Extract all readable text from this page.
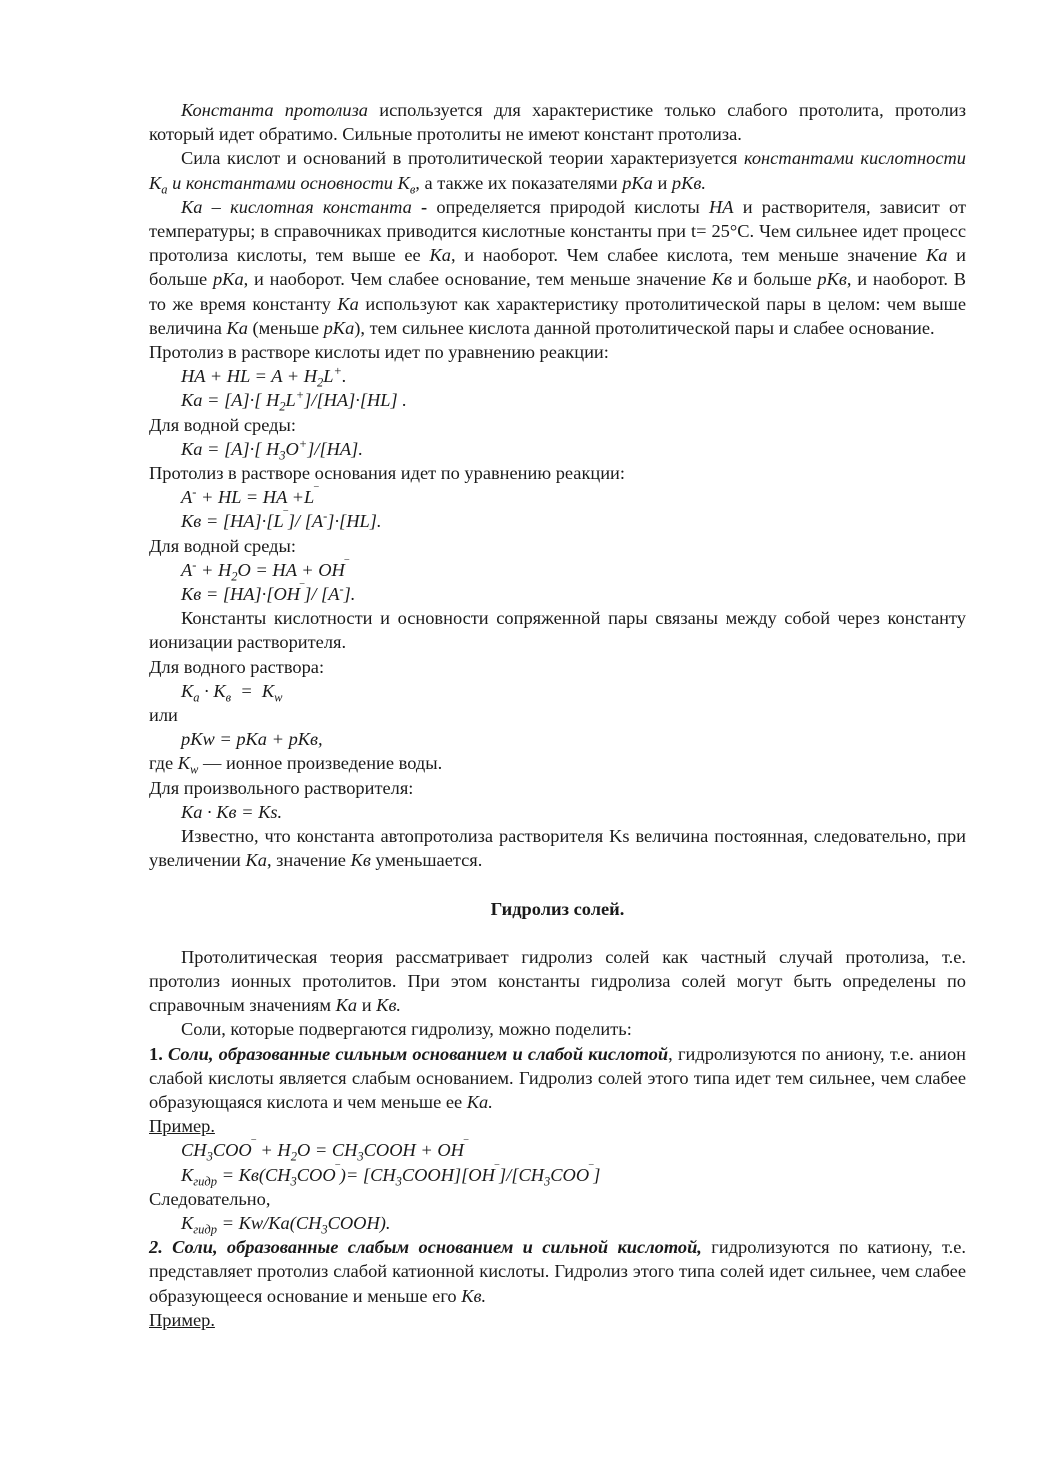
Константа протолиза используется для характеристике только слабого протолита, протолиз который идет обратимо. Сильные протолиты не имеют констант протолиза.

Сила кислот и оснований в протолитической теории характеризуется константами кислотности $K_a$ и константами основности $K_в$, а также их показателями pKa и pKв.

Ka – кислотная константа - определяется природой кислоты HA и растворителя, зависит от температуры; в справочниках приводится кислотные константы при t= 25°C. Чем сильнее идет процесс протолиза кислоты, тем выше ее Ka, и наоборот. Чем слабее кислота, тем меньше значение Ka и больше pKa, и наоборот. Чем слабее основание, тем меньше значение Kв и больше pKв, и наоборот. В то же время константу Ka используют как характеристику протолитической пары в целом: чем выше величина Ka (меньше pKa), тем сильнее кислота данной протолитической пары и слабее основание.

Протолиз в растворе кислоты идет по уравнению реакции:

HA + HL = $A + H_2L^+$.

Ka = [A]·[ $H_2L^+]/[HA]\cdot[HL]$ .

Для водной среды:

Ka = [A]·[ $H_3O^+]/[HA]$.

Протолиз в растворе основания идет по уравнению реакции:

A- + HL = HA +L‾

Kв = [HA]·[L‾]/ [A-]·[HL].

Для водной среды:

$A^- + H_2O$ = HA + OH‾

Kв = [HA]·[OH‾]/ [A-].

Константы кислотности и основности сопряженной пары связаны между собой через константу ионизации растворителя.

Для водного раствора:

$K_a \cdot K_в = K_w$

или

pKw = pKa + pKв,

где $K_w$ — ионное произведение воды.

Для произвольного растворителя:

Ka · Kв = Ks.

Известно, что константа автопротолиза растворителя Ks величина постоянная, следовательно, при увеличении Ka, значение Kв уменьшается.

Гидролиз солей.

Протолитическая теория рассматривает гидролиз солей как частный случай протолиза, т.е. протолиз ионных протолитов. При этом константы гидролиза солей могут быть определены по справочным значениям Ka и Kв.

Соли, которые подвергаются гидролизу, можно поделить:

1. Соли, образованные сильным основанием и слабой кислотой, гидролизуются по аниону, т.е. анион слабой кислоты является слабым основанием. Гидролиз солей этого типа идет тем сильнее, чем слабее образующаяся кислота и чем меньше ее Ka.

Пример.

$CH_3COO^‾ + H_2O$ = $CH_3COOH + OH^‾$

$K_{гидр} = Kв(CH_3COO^‾)=$ $[CH_3COOH][OH^‾]/[CH_3COO^‾]$

Следовательно,

$K_{гидр}$ = $Kw/Ka(CH_3COOH)$.

2. Соли, образованные слабым основанием и сильной кислотой, гидролизуются по катиону, т.е. представляет протолиз слабой катионной кислоты. Гидролиз этого типа солей идет сильнее, чем слабее образующееся основание и меньше его Kв.

Пример.
